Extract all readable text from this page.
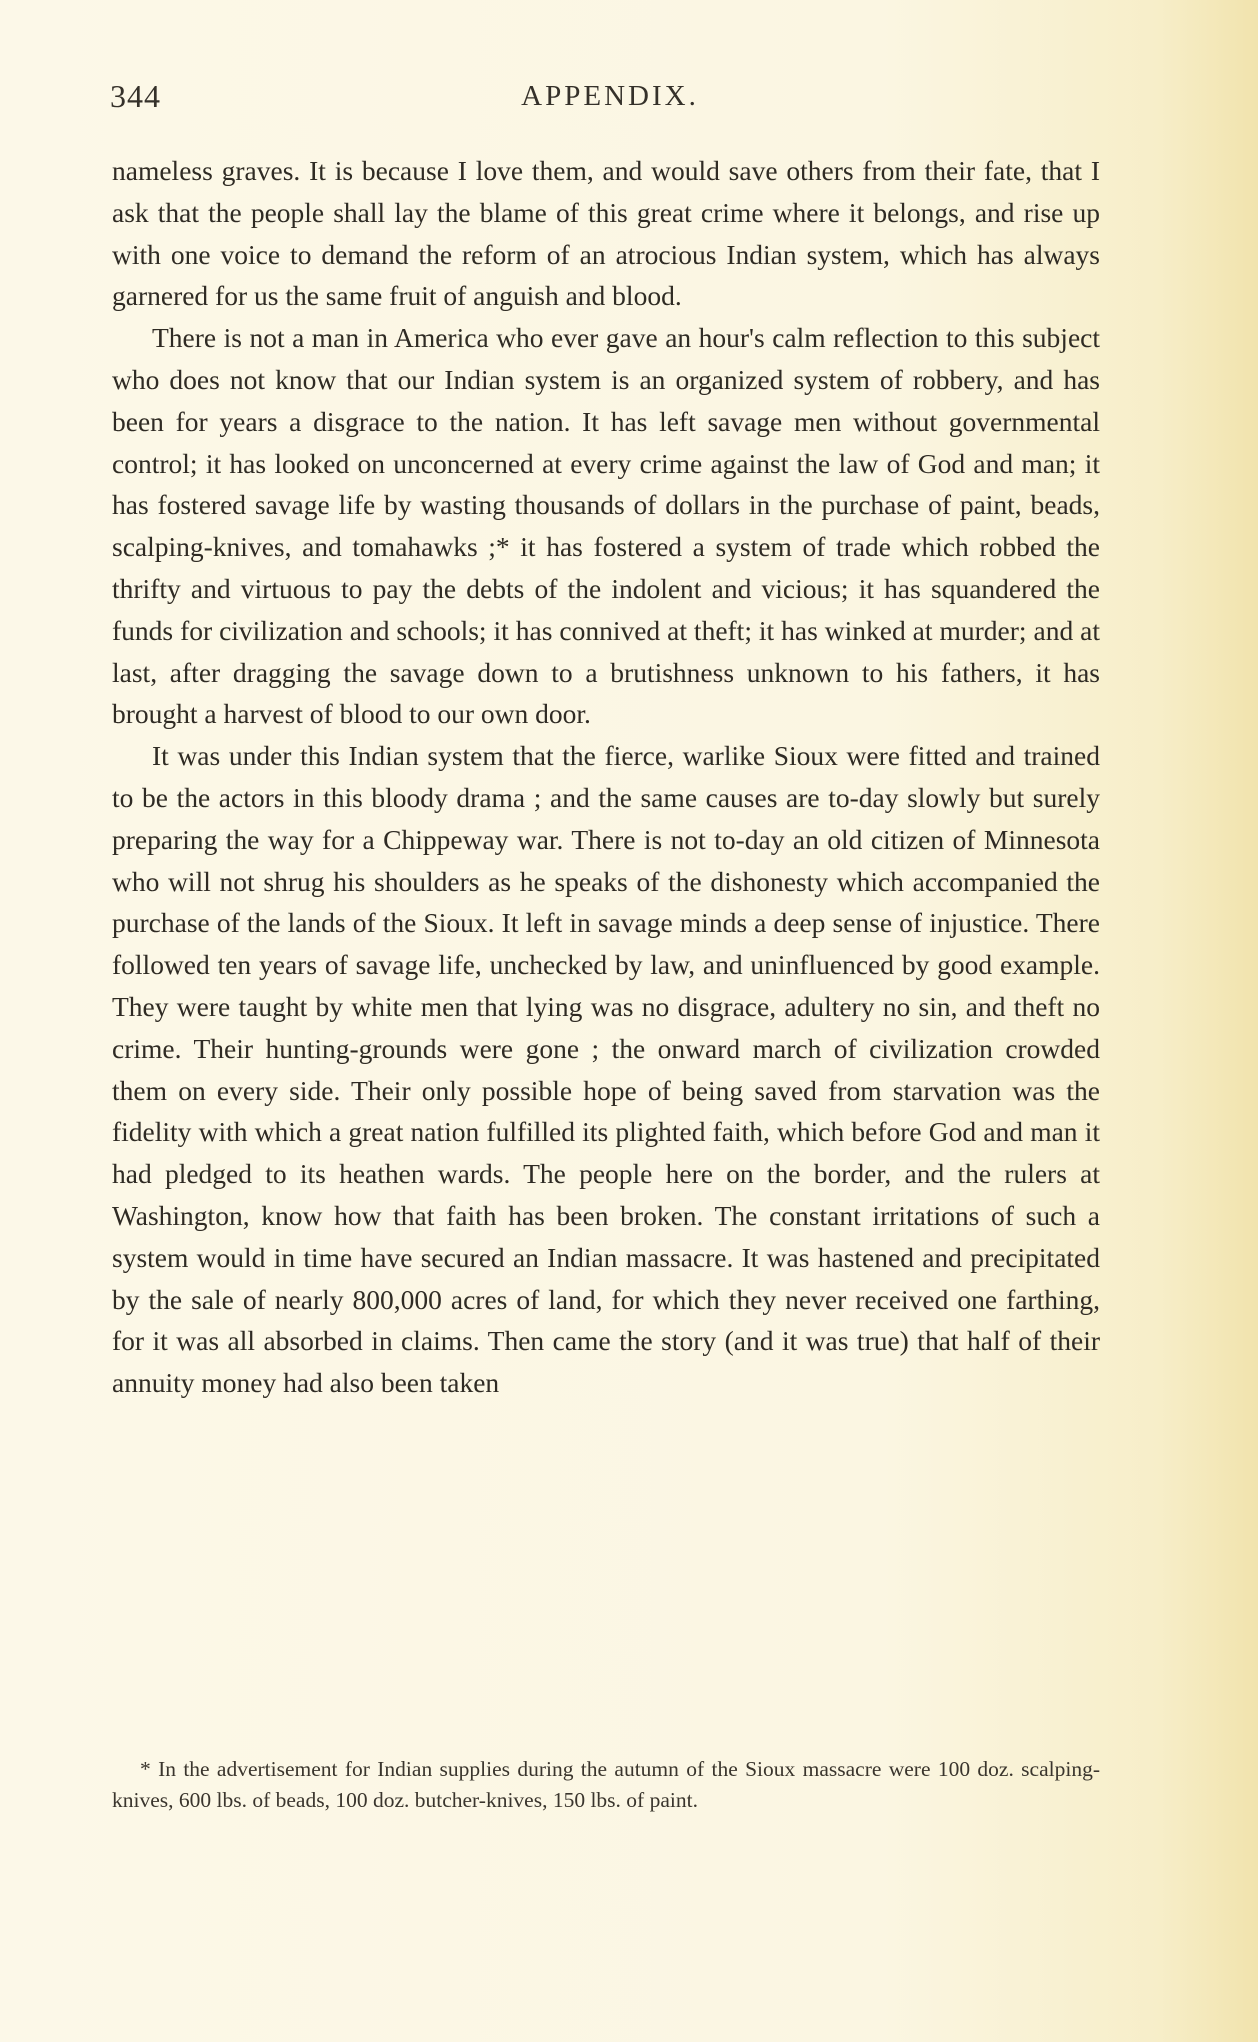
344	APPENDIX.

nameless graves. It is because I love them, and would save others from their fate, that I ask that the people shall lay the blame of this great crime where it belongs, and rise up with one voice to demand the reform of an atrocious Indian system, which has always garnered for us the same fruit of anguish and blood.

There is not a man in America who ever gave an hour's calm reflection to this subject who does not know that our Indian system is an organized system of robbery, and has been for years a disgrace to the nation. It has left savage men without governmental control; it has looked on unconcerned at every crime against the law of God and man; it has fostered savage life by wasting thousands of dollars in the purchase of paint, beads, scalping-knives, and tomahawks ;* it has fostered a system of trade which robbed the thrifty and virtuous to pay the debts of the indolent and vicious; it has squandered the funds for civilization and schools; it has connived at theft; it has winked at murder; and at last, after dragging the savage down to a brutishness unknown to his fathers, it has brought a harvest of blood to our own door.

It was under this Indian system that the fierce, warlike Sioux were fitted and trained to be the actors in this bloody drama ; and the same causes are to-day slowly but surely preparing the way for a Chippeway war. There is not to-day an old citizen of Minnesota who will not shrug his shoulders as he speaks of the dishonesty which accompanied the purchase of the lands of the Sioux. It left in savage minds a deep sense of injustice. There followed ten years of savage life, unchecked by law, and uninfluenced by good example. They were taught by white men that lying was no disgrace, adultery no sin, and theft no crime. Their hunting-grounds were gone ; the onward march of civilization crowded them on every side. Their only possible hope of being saved from starvation was the fidelity with which a great nation fulfilled its plighted faith, which before God and man it had pledged to its heathen wards. The people here on the border, and the rulers at Washington, know how that faith has been broken. The constant irritations of such a system would in time have secured an Indian massacre. It was hastened and precipitated by the sale of nearly 800,000 acres of land, for which they never received one farthing, for it was all absorbed in claims. Then came the story (and it was true) that half of their annuity money had also been taken

* In the advertisement for Indian supplies during the autumn of the Sioux massacre were 100 doz. scalping-knives, 600 lbs. of beads, 100 doz. butcher-knives, 150 lbs. of paint.
